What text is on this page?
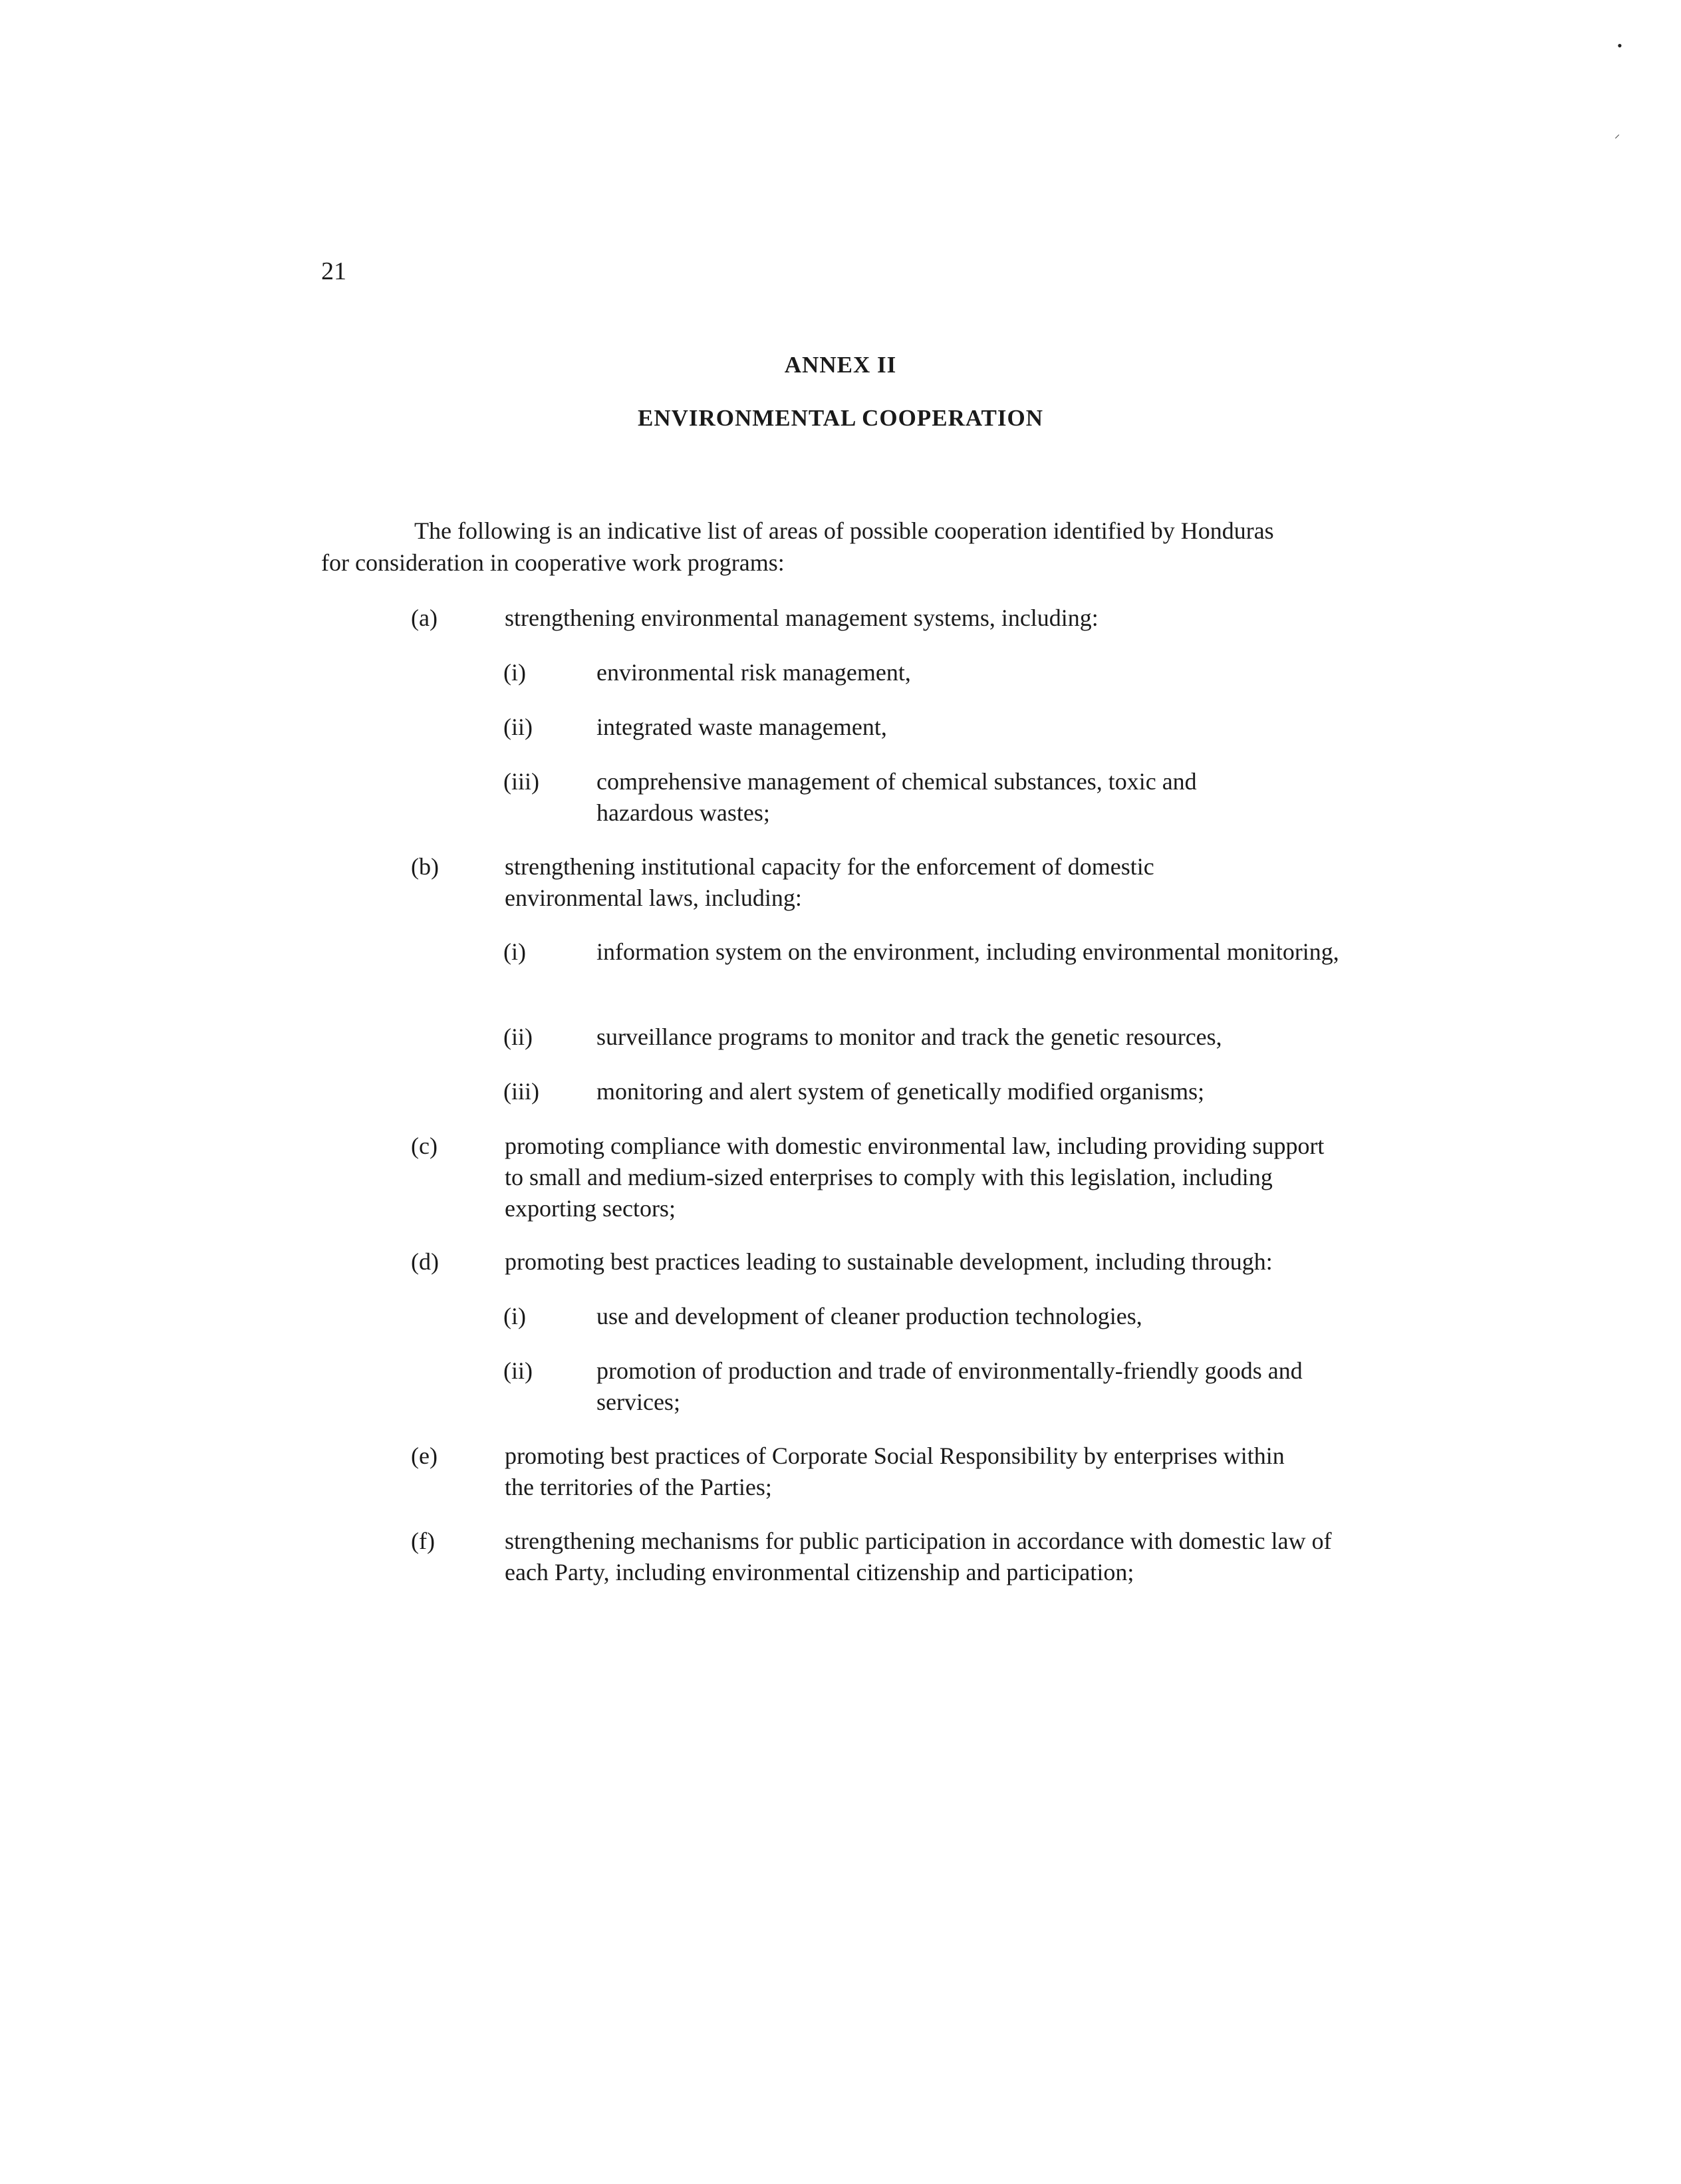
•
⸝
21
ANNEX II
ENVIRONMENTAL COOPERATION
The following is an indicative list of areas of possible cooperation identified by Honduras
for consideration in cooperative work programs:
(a)	strengthening environmental management systems, including:
(i)	environmental risk management,
(ii)	integrated waste management,
(iii) comprehensive management of chemical substances, toxic and hazardous wastes;
(b)	strengthening institutional capacity for the enforcement of domestic environmental laws, including:
(i)	information system on the environment, including environmental monitoring,
(ii)	surveillance programs to monitor and track the genetic resources,
(iii) monitoring and alert system of genetically modified organisms;
(c)	promoting compliance with domestic environmental law, including providing support to small and medium-sized enterprises to comply with this legislation, including exporting sectors;
(d)	promoting best practices leading to sustainable development, including through:
(i)	use and development of cleaner production technologies,
(ii)	promotion of production and trade of environmentally-friendly goods and services;
(e)	promoting best practices of Corporate Social Responsibility by enterprises within the territories of the Parties;
(f)	strengthening mechanisms for public participation in accordance with domestic law of each Party, including environmental citizenship and participation;
